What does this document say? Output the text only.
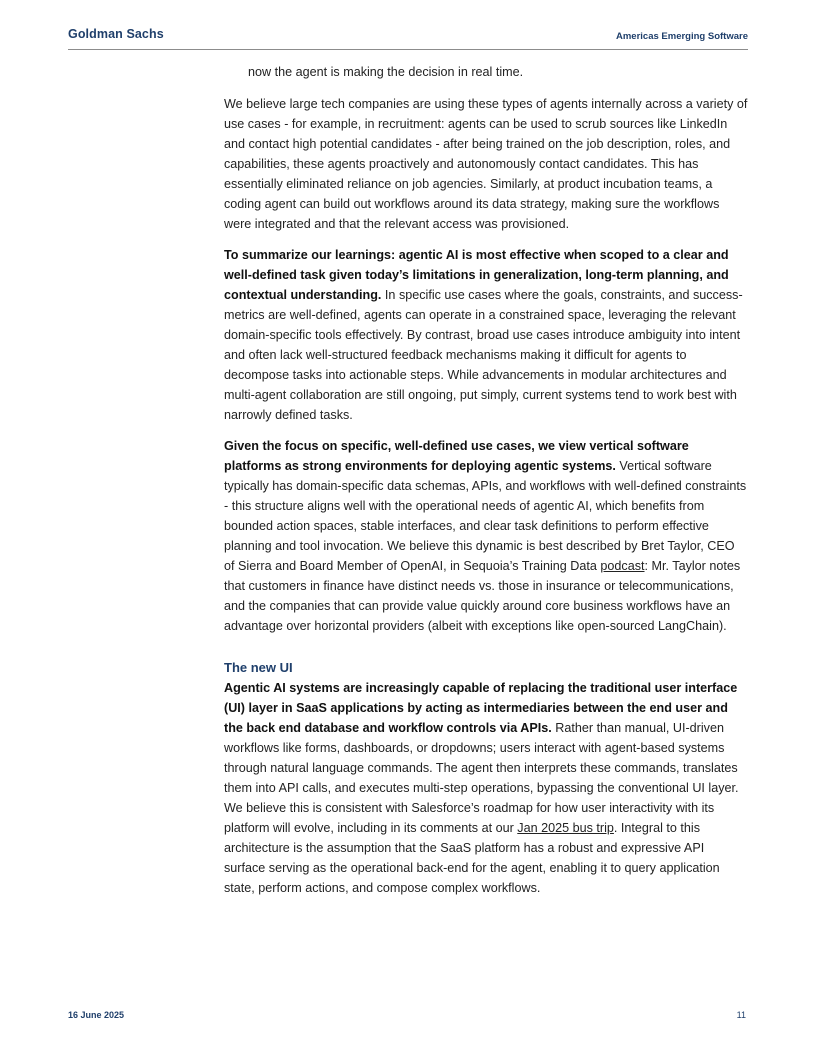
Goldman Sachs	Americas Emerging Software
now the agent is making the decision in real time.

We believe large tech companies are using these types of agents internally across a variety of use cases - for example, in recruitment: agents can be used to scrub sources like LinkedIn and contact high potential candidates - after being trained on the job description, roles, and capabilities, these agents proactively and autonomously contact candidates. This has essentially eliminated reliance on job agencies. Similarly, at product incubation teams, a coding agent can build out workflows around its data strategy, making sure the workflows were integrated and that the relevant access was provisioned.

To summarize our learnings: agentic AI is most effective when scoped to a clear and well-defined task given today’s limitations in generalization, long-term planning, and contextual understanding. In specific use cases where the goals, constraints, and success-metrics are well-defined, agents can operate in a constrained space, leveraging the relevant domain-specific tools effectively. By contrast, broad use cases introduce ambiguity into intent and often lack well-structured feedback mechanisms making it difficult for agents to decompose tasks into actionable steps. While advancements in modular architectures and multi-agent collaboration are still ongoing, put simply, current systems tend to work best with narrowly defined tasks.

Given the focus on specific, well-defined use cases, we view vertical software platforms as strong environments for deploying agentic systems. Vertical software typically has domain-specific data schemas, APIs, and workflows with well-defined constraints - this structure aligns well with the operational needs of agentic AI, which benefits from bounded action spaces, stable interfaces, and clear task definitions to perform effective planning and tool invocation. We believe this dynamic is best described by Bret Taylor, CEO of Sierra and Board Member of OpenAI, in Sequoia’s Training Data podcast: Mr. Taylor notes that customers in finance have distinct needs vs. those in insurance or telecommunications, and the companies that can provide value quickly around core business workflows have an advantage over horizontal providers (albeit with exceptions like open-sourced LangChain).

The new UI

Agentic AI systems are increasingly capable of replacing the traditional user interface (UI) layer in SaaS applications by acting as intermediaries between the end user and the back end database and workflow controls via APIs. Rather than manual, UI-driven workflows like forms, dashboards, or dropdowns; users interact with agent-based systems through natural language commands. The agent then interprets these commands, translates them into API calls, and executes multi-step operations, bypassing the conventional UI layer. We believe this is consistent with Salesforce’s roadmap for how user interactivity with its platform will evolve, including in its comments at our Jan 2025 bus trip. Integral to this architecture is the assumption that the SaaS platform has a robust and expressive API surface serving as the operational back-end for the agent, enabling it to query application state, perform actions, and compose complex workflows.

16 June 2025	11
